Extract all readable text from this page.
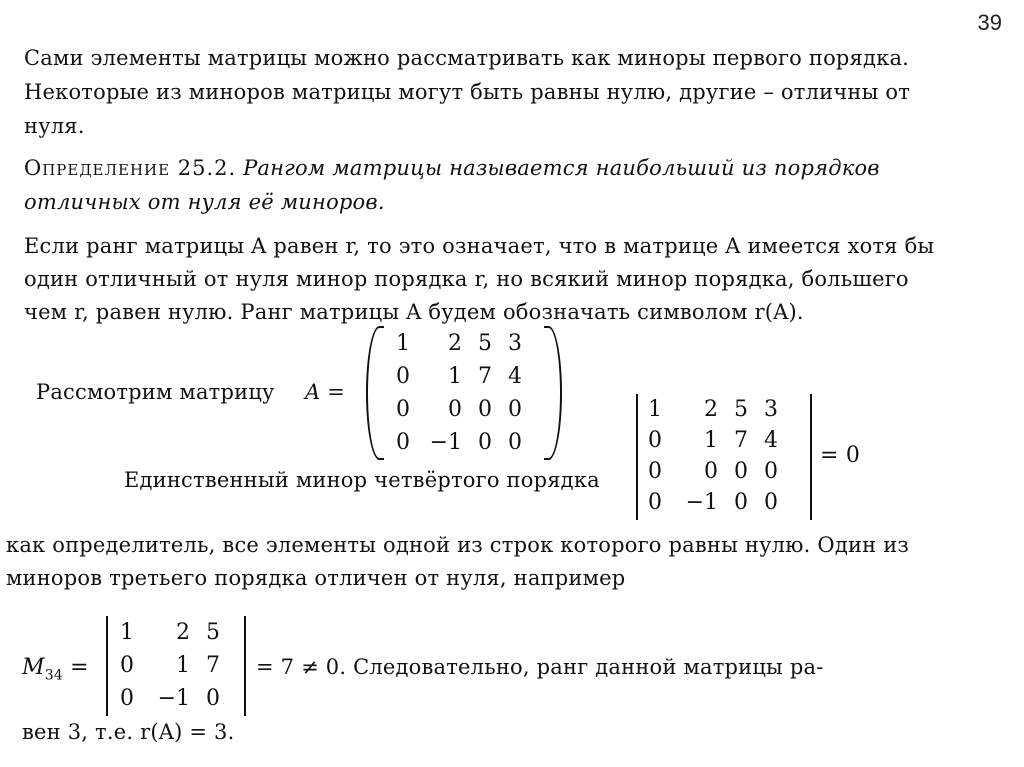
39
Сами элементы матрицы можно рассматривать как миноры первого порядка.
Некоторые из миноров матрицы могут быть равны нулю, другие – отличны от
нуля.
Определение 25.2. Рангом матрицы называется наибольший из порядков
отличных от нуля её миноров.
Если ранг матрицы A равен r, то это означает, что в матрице A имеется хотя бы
один отличный от нуля минор порядка r, но всякий минор порядка, большего
чем r, равен нулю. Ранг матрицы A будем обозначать символом r(A).
Рассмотрим матрицу A =
1	2	5	3
0	1	7	4
0	0	0	0
0	−1	0	0
Единственный минор четвёртого порядка
1	2	5	3
0	1	7	4
0	0	0	0
0	−1	0	0
= 0
как определитель, все элементы одной из строк которого равны нулю. Один из
миноров третьего порядка отличен от нуля, например
$M_{34}$ =
1	2	5
0	1	7
0	−1	0
= 7 ≠ 0. Следовательно, ранг данной матрицы ра-
вен 3, т.е. r(A) = 3.
